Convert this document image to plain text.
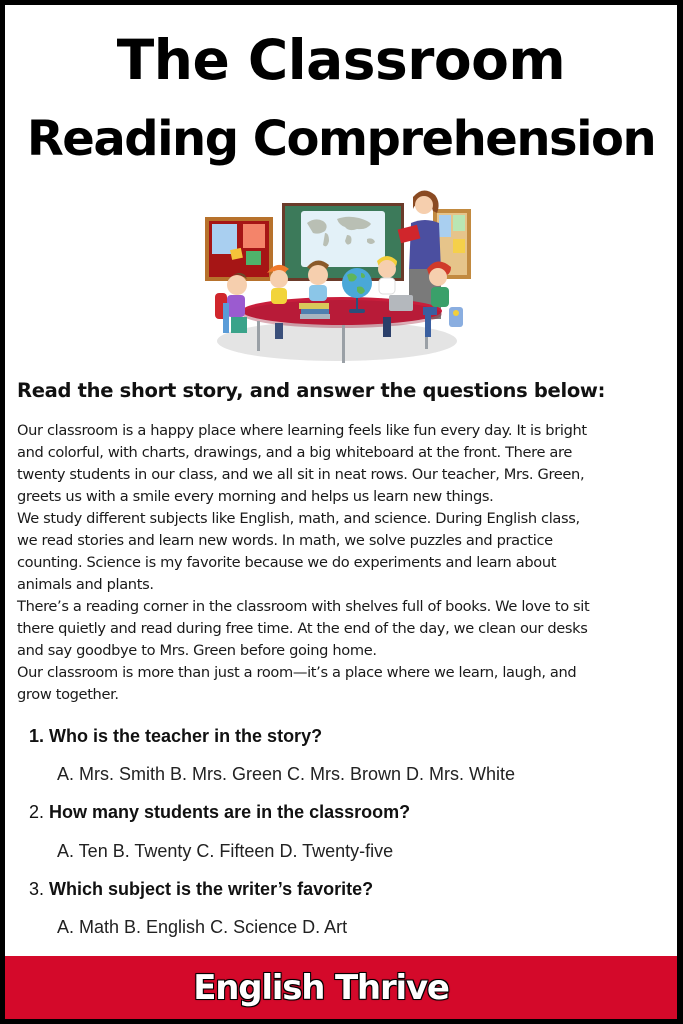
The Classroom
Reading Comprehension
Read the short story, and answer the questions below:

Our classroom is a happy place where learning feels like fun every day. It is bright

and colorful, with charts, drawings, and a big whiteboard at the front. There are

twenty students in our class, and we all sit in neat rows. Our teacher, Mrs. Green,

greets us with a smile every morning and helps us learn new things.

We study different subjects like English, math, and science. During English class,

we read stories and learn new words. In math, we solve puzzles and practice

counting. Science is my favorite because we do experiments and learn about

animals and plants.

There’s a reading corner in the classroom with shelves full of books. We love to sit

there quietly and read during free time. At the end of the day, we clean our desks

and say goodbye to Mrs. Green before going home.

Our classroom is more than just a room—it’s a place where we learn, laugh, and

grow together.

1. Who is the teacher in the story?
A. Mrs. Smith B. Mrs. Green C. Mrs. Brown D. Mrs. White
2. How many students are in the classroom?
A. Ten B. Twenty C. Fifteen D. Twenty-five
3. Which subject is the writer’s favorite?
A. Math B. English C. Science D. Art
English Thrive
